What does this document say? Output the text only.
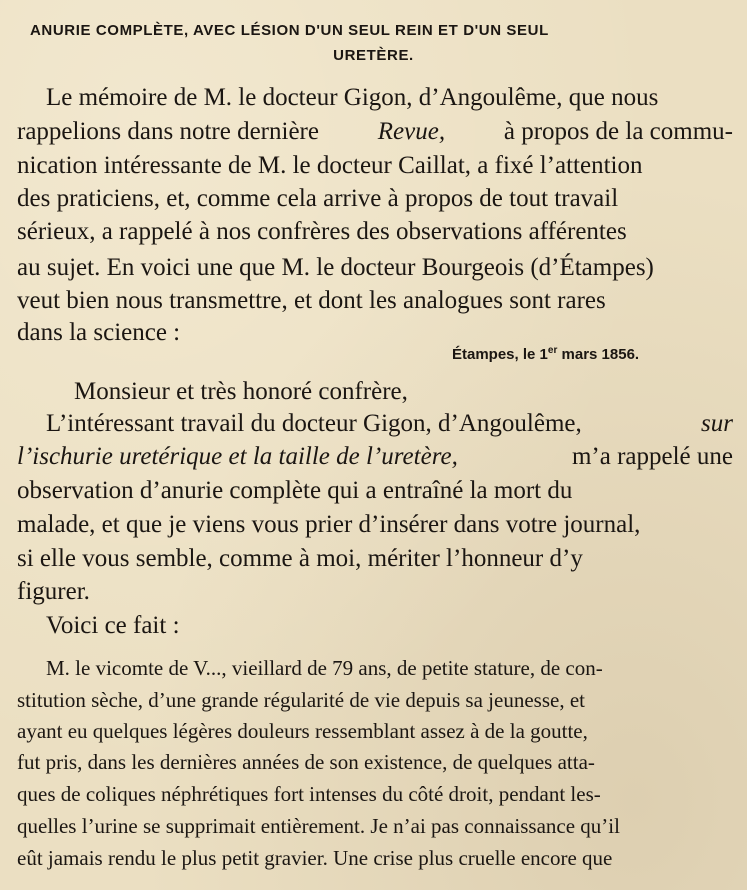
ANURIE COMPLÈTE, AVEC LÉSION D'UN SEUL REIN ET D'UN SEUL
URETÈRE.
Le mémoire de M. le docteur Gigon, d’Angoulême, que nous
rappelions dans notre dernière Revue, à propos de la commu-
nication intéressante de M. le docteur Caillat, a fixé l’attention
des praticiens, et, comme cela arrive à propos de tout travail
sérieux, a rappelé à nos confrères des observations afférentes
au sujet. En voici une que M. le docteur Bourgeois (d’Étampes)
veut bien nous transmettre, et dont les analogues sont rares
dans la science :
Étampes, le 1er mars 1856.
Monsieur et très honoré confrère,
L’intéressant travail du docteur Gigon, d’Angoulême,	sur
l’ischurie uretérique et la taille de l’uretère,	m’a rappelé une
observation d’anurie complète qui a entraîné la mort du
malade, et que je viens vous prier d’insérer dans votre journal,
si elle vous semble, comme à moi, mériter l’honneur d’y
figurer.
Voici ce fait :
M. le vicomte de V..., vieillard de 79 ans, de petite stature, de con-
stitution sèche, d’une grande régularité de vie depuis sa jeunesse, et
ayant eu quelques légères douleurs ressemblant assez à de la goutte,
fut pris, dans les dernières années de son existence, de quelques atta-
ques de coliques néphrétiques fort intenses du côté droit, pendant les-
quelles l’urine se supprimait entièrement. Je n’ai pas connaissance qu’il
eût jamais rendu le plus petit gravier. Une crise plus cruelle encore que
